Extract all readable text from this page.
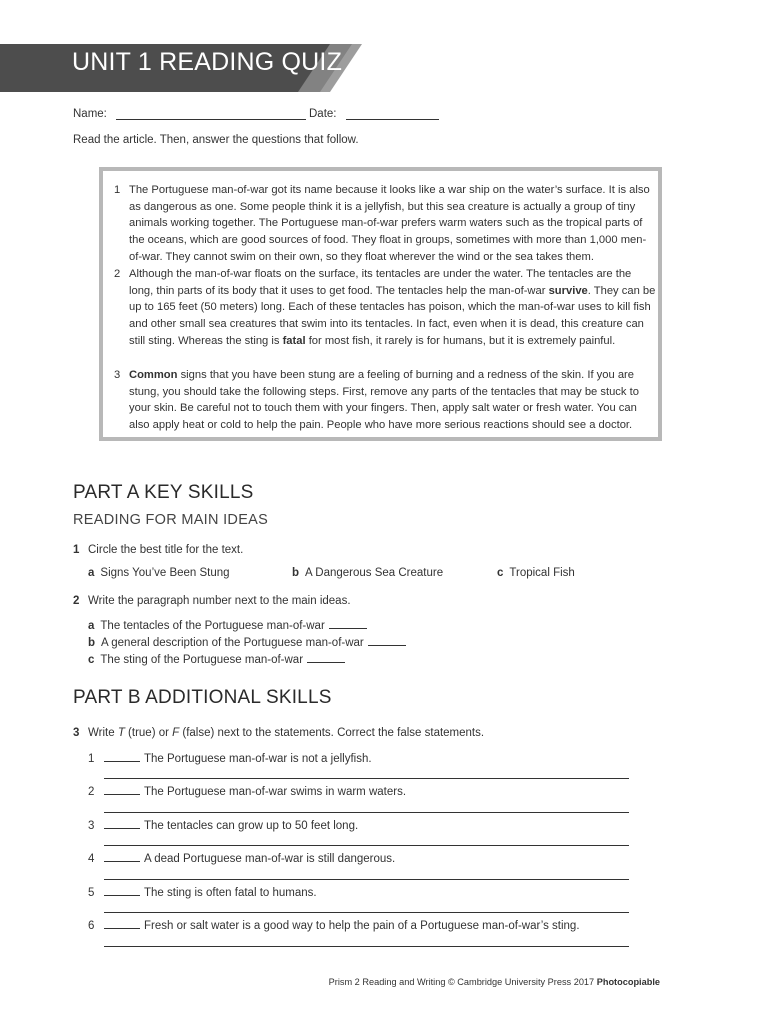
UNIT 1 READING QUIZ
Name:	Date:
Read the article. Then, answer the questions that follow.
1 The Portuguese man-of-war got its name because it looks like a war ship on the water’s surface. It is also as dangerous as one. Some people think it is a jellyfish, but this sea creature is actually a group of tiny animals working together. The Portuguese man-of-war prefers warm waters such as the tropical parts of the oceans, which are good sources of food. They float in groups, sometimes with more than 1,000 men-of-war. They cannot swim on their own, so they float wherever the wind or the sea takes them.
2 Although the man-of-war floats on the surface, its tentacles are under the water. The tentacles are the long, thin parts of its body that it uses to get food. The tentacles help the man-of-war survive. They can be up to 165 feet (50 meters) long. Each of these tentacles has poison, which the man-of-war uses to kill fish and other small sea creatures that swim into its tentacles. In fact, even when it is dead, this creature can still sting. Whereas the sting is fatal for most fish, it rarely is for humans, but it is extremely painful.
3 Common signs that you have been stung are a feeling of burning and a redness of the skin. If you are stung, you should take the following steps. First, remove any parts of the tentacles that may be stuck to your skin. Be careful not to touch them with your fingers. Then, apply salt water or fresh water. You can also apply heat or cold to help the pain. People who have more serious reactions should see a doctor.
PART A KEY SKILLS
READING FOR MAIN IDEAS
1 Circle the best title for the text.
a Signs You’ve Been Stung	b A Dangerous Sea Creature	c Tropical Fish
2 Write the paragraph number next to the main ideas.
a The tentacles of the Portuguese man-of-war
b A general description of the Portuguese man-of-war
c The sting of the Portuguese man-of-war
PART B ADDITIONAL SKILLS
3 Write T (true) or F (false) next to the statements. Correct the false statements.
1	The Portuguese man-of-war is not a jellyfish.
2	The Portuguese man-of-war swims in warm waters.
3	The tentacles can grow up to 50 feet long.
4	A dead Portuguese man-of-war is still dangerous.
5	The sting is often fatal to humans.
6	Fresh or salt water is a good way to help the pain of a Portuguese man-of-war’s sting.
Prism 2 Reading and Writing © Cambridge University Press 2017 Photocopiable
